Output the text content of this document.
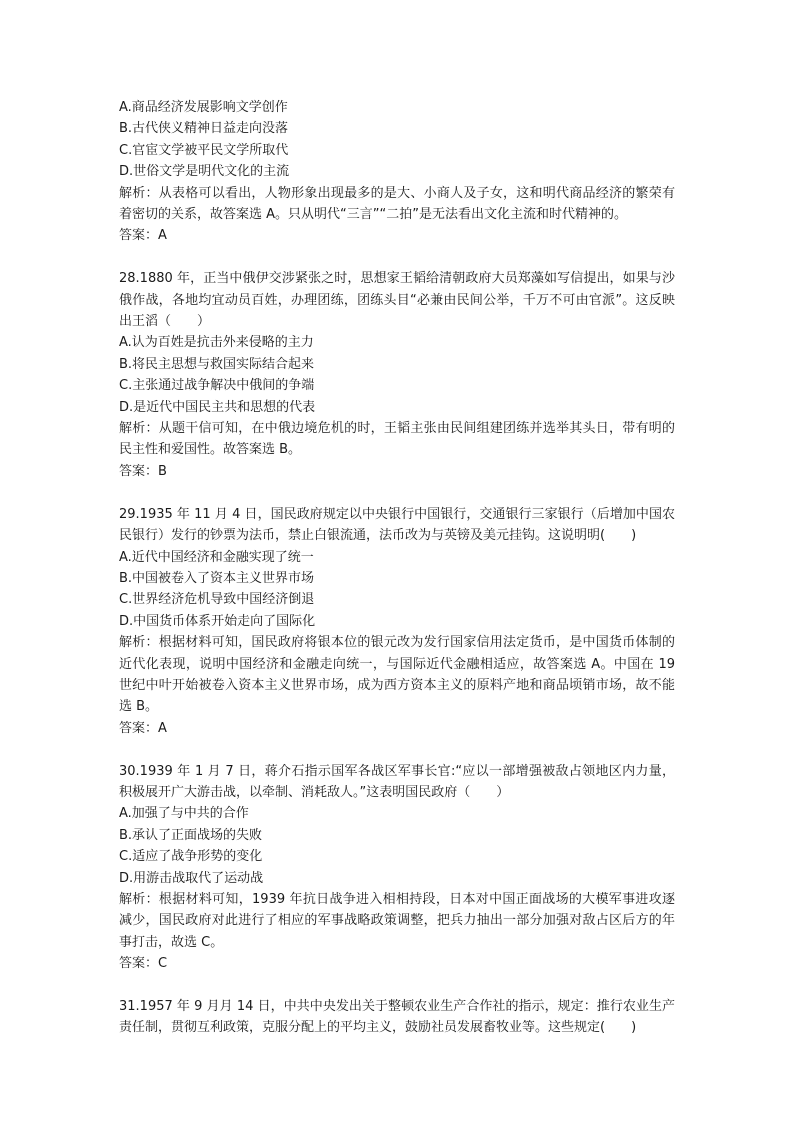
A.商品经济发展影响文学创作
B.古代侠义精神日益走向没落
C.官宦文学被平民文学所取代
D.世俗文学是明代文化的主流
解析：从表格可以看出，人物形象出现最多的是大、小商人及子女，这和明代商品经济的繁荣有着密切的关系，故答案选 A。只从明代“三言”“二拍”是无法看出文化主流和时代精神的。
答案：A
28.1880 年，正当中俄伊交涉紧张之时，思想家王韬给清朝政府大员郑藻如写信提出，如果与沙俄作战，各地均宜动员百姓，办理团练，团练头目“必兼由民间公举，千万不可由官派”。这反映出王滔（　　）
A.认为百姓是抗击外来侵略的主力
B.将民主思想与救国实际结合起来
C.主张通过战争解决中俄间的争端
D.是近代中国民主共和思想的代表
解析：从题干信可知，在中俄边境危机的时，王韬主张由民间组建团练并选举其头日，带有明的民主性和爱国性。故答案选 B。
答案：B
29.1935 年 11 月 4 日，国民政府规定以中央银行中国银行，交通银行三家银行（后增加中国农民银行）发行的钞票为法币，禁止白银流通，法币改为与英镑及美元挂钩。这说明明(　　)
A.近代中国经济和金融实现了统一
B.中国被卷入了资本主义世界市场
C.世界经济危机导致中国经济倒退
D.中国货币体系开始走向了国际化
解析：根据材料可知，国民政府将银本位的银元改为发行国家信用法定货币，是中国货币体制的近代化表现，说明中国经济和金融走向统一，与国际近代金融相适应，故答案选 A。中国在 19 世纪中叶开始被卷入资本主义世界市场，成为西方资本主义的原料产地和商品顷销市场，故不能选 B。
答案：A
30.1939 年 1 月 7 日，蒋介石指示国军各战区军事长官:“应以一部增强被敌占领地区内力量，积极展开广大游击战，以牵制、消耗敌人。”这表明国民政府（　　）
A.加强了与中共的合作
B.承认了正面战场的失败
C.适应了战争形势的变化
D.用游击战取代了运动战
解析：根据材料可知，1939 年抗日战争进入相相持段，日本对中国正面战场的大模军事进攻逐减少，国民政府对此进行了相应的军事战略政策调整，把兵力抽出一部分加强对敌占区后方的年事打击，故选 C。
答案：C
31.1957 年 9 月月 14 日，中共中央发出关于整顿农业生产合作社的指示，规定：推行农业生产责任制，贯彻互利政策，克服分配上的平均主义，鼓励社员发展畜牧业等。这些规定(　　)
